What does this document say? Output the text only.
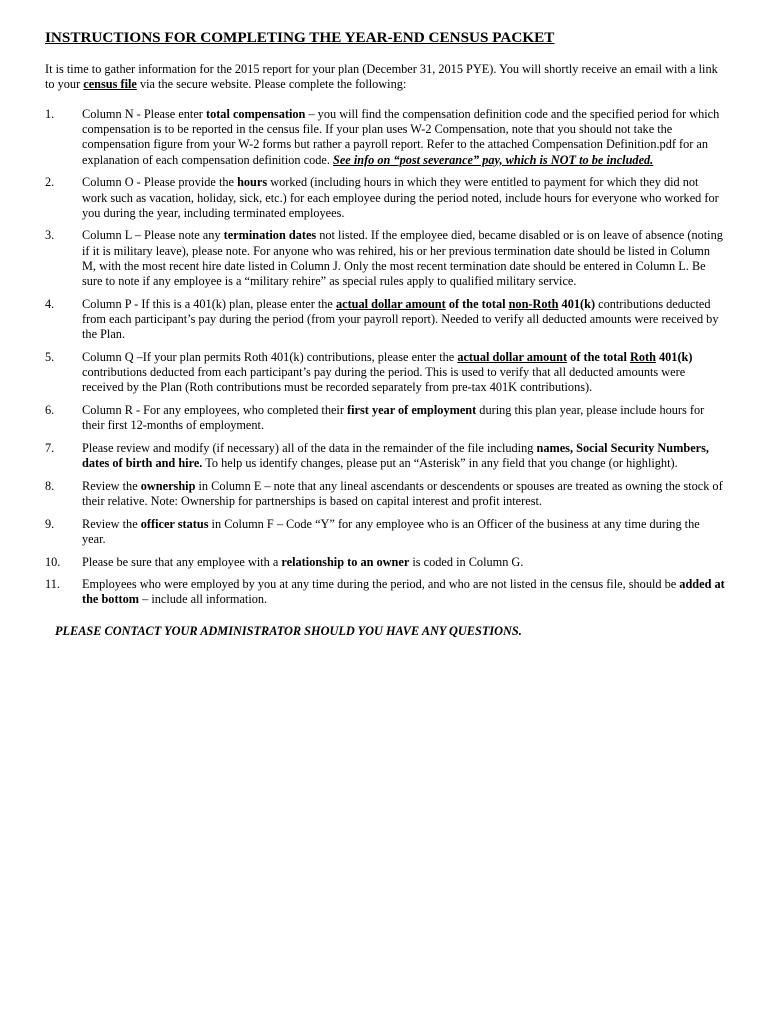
INSTRUCTIONS FOR COMPLETING THE YEAR-END CENSUS PACKET

It is time to gather information for the 2015 report for your plan (December 31, 2015 PYE). You will shortly receive an email with a link to your census file via the secure website. Please complete the following:

1. Column N - Please enter total compensation – you will find the compensation definition code and the specified period for which compensation is to be reported in the census file. If your plan uses W-2 Compensation, note that you should not take the compensation figure from your W-2 forms but rather a payroll report. Refer to the attached Compensation Definition.pdf for an explanation of each compensation definition code. See info on “post severance” pay, which is NOT to be included.
2. Column O - Please provide the hours worked (including hours in which they were entitled to payment for which they did not work such as vacation, holiday, sick, etc.) for each employee during the period noted, include hours for everyone who worked for you during the year, including terminated employees.
3. Column L – Please note any termination dates not listed. If the employee died, became disabled or is on leave of absence (noting if it is military leave), please note. For anyone who was rehired, his or her previous termination date should be listed in Column M, with the most recent hire date listed in Column J. Only the most recent termination date should be entered in Column L. Be sure to note if any employee is a “military rehire” as special rules apply to qualified military service.
4. Column P - If this is a 401(k) plan, please enter the actual dollar amount of the total non-Roth 401(k) contributions deducted from each participant’s pay during the period (from your payroll report). Needed to verify all deducted amounts were received by the Plan.
5. Column Q –If your plan permits Roth 401(k) contributions, please enter the actual dollar amount of the total Roth 401(k) contributions deducted from each participant’s pay during the period. This is used to verify that all deducted amounts were received by the Plan (Roth contributions must be recorded separately from pre-tax 401K contributions).
6. Column R - For any employees, who completed their first year of employment during this plan year, please include hours for their first 12-months of employment.
7. Please review and modify (if necessary) all of the data in the remainder of the file including names, Social Security Numbers, dates of birth and hire. To help us identify changes, please put an “Asterisk” in any field that you change (or highlight).
8. Review the ownership in Column E – note that any lineal ascendants or descendents or spouses are treated as owning the stock of their relative. Note: Ownership for partnerships is based on capital interest and profit interest.
9. Review the officer status in Column F – Code “Y” for any employee who is an Officer of the business at any time during the year.
10. Please be sure that any employee with a relationship to an owner is coded in Column G.
11. Employees who were employed by you at any time during the period, and who are not listed in the census file, should be added at the bottom – include all information.

PLEASE CONTACT YOUR ADMINISTRATOR SHOULD YOU HAVE ANY QUESTIONS.
